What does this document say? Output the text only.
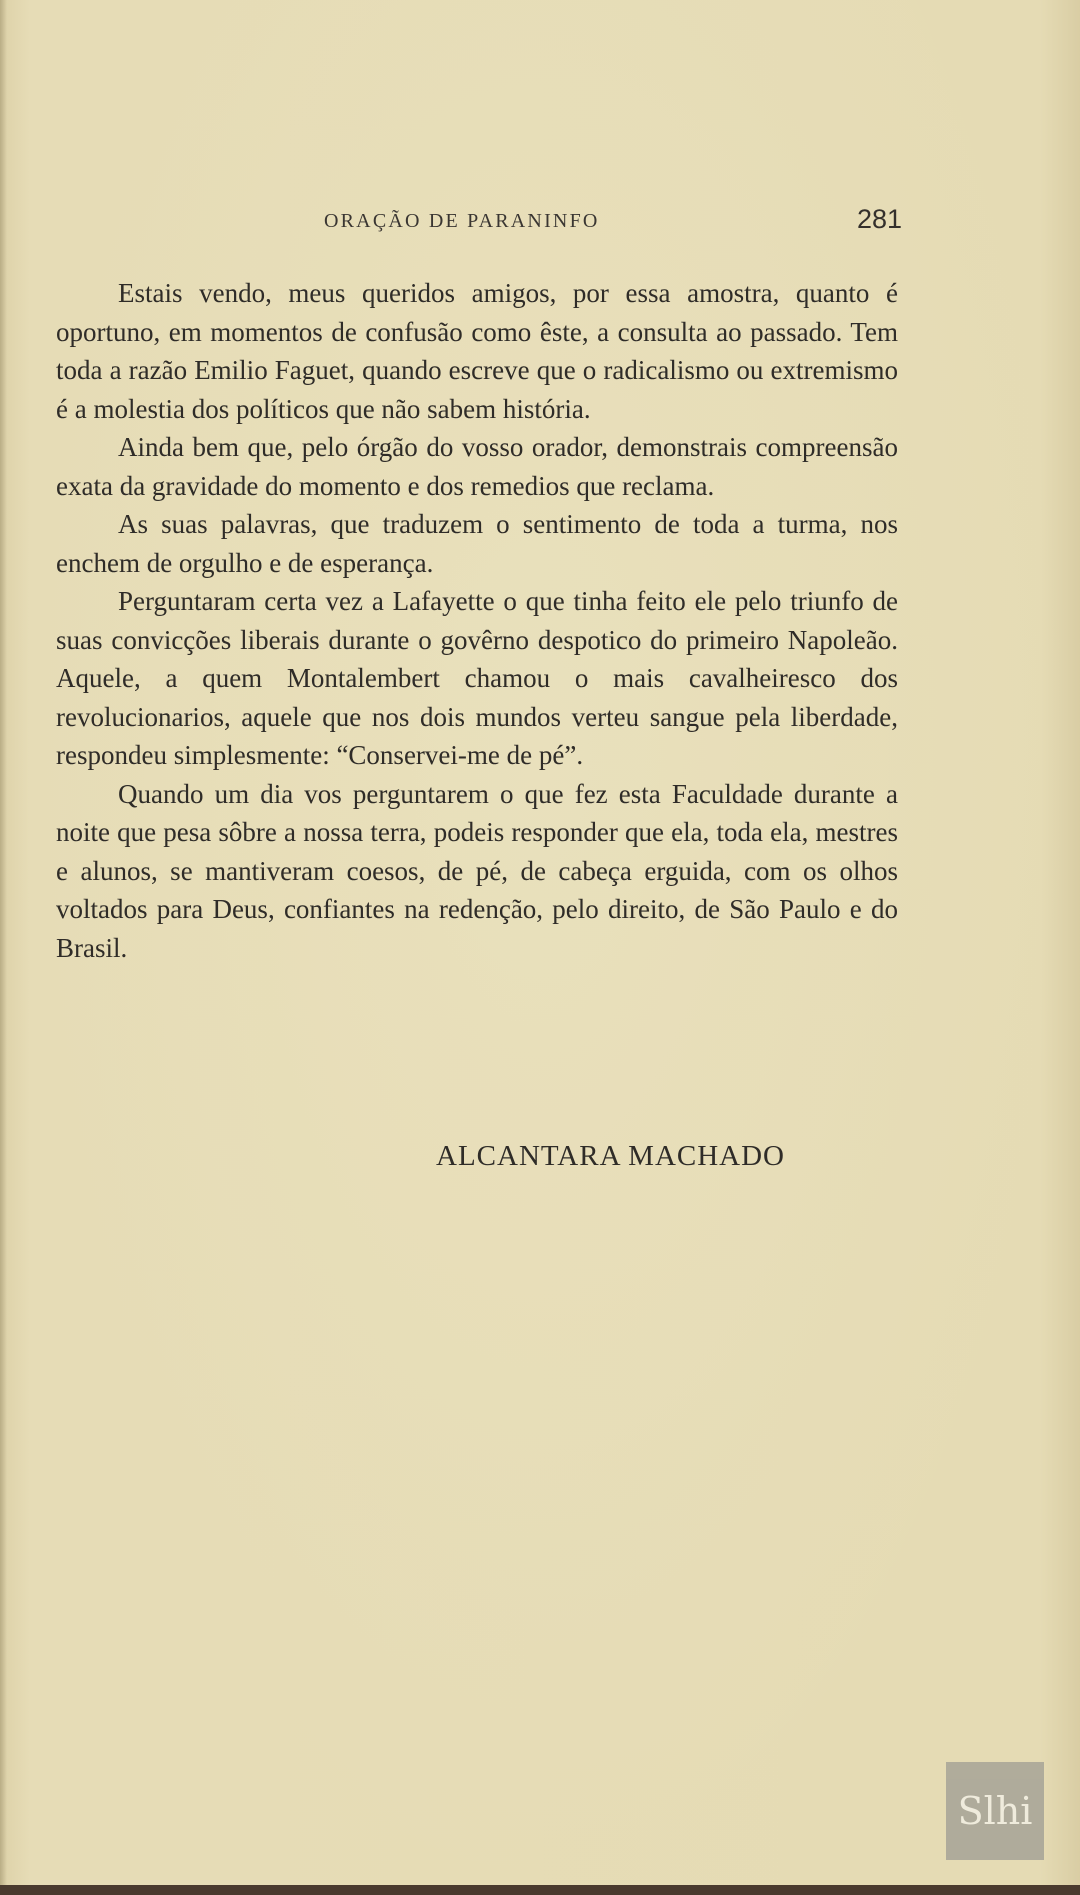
ORAÇÃO DE PARANINFO	281

Estais vendo, meus queridos amigos, por essa amostra, quanto é oportuno, em momentos de confusão como êste, a consulta ao passado. Tem toda a razão Emilio Faguet, quando escreve que o radicalismo ou extremismo é a molestia dos políticos que não sabem história.

Ainda bem que, pelo órgão do vosso orador, demonstrais compreensão exata da gravidade do momento e dos remedios que reclama.

As suas palavras, que traduzem o sentimento de toda a turma, nos enchem de orgulho e de esperança.

Perguntaram certa vez a Lafayette o que tinha feito ele pelo triunfo de suas convicções liberais durante o govêrno despotico do primeiro Napoleão. Aquele, a quem Montalembert chamou o mais cavalheiresco dos revolucionarios, aquele que nos dois mundos verteu sangue pela liberdade, respondeu simplesmente: “Conservei-me de pé”.

Quando um dia vos perguntarem o que fez esta Faculdade durante a noite que pesa sôbre a nossa terra, podeis responder que ela, toda ela, mestres e alunos, se mantiveram coesos, de pé, de cabeça erguida, com os olhos voltados para Deus, confiantes na redenção, pelo direito, de São Paulo e do Brasil.

ALCANTARA MACHADO
Slhi
